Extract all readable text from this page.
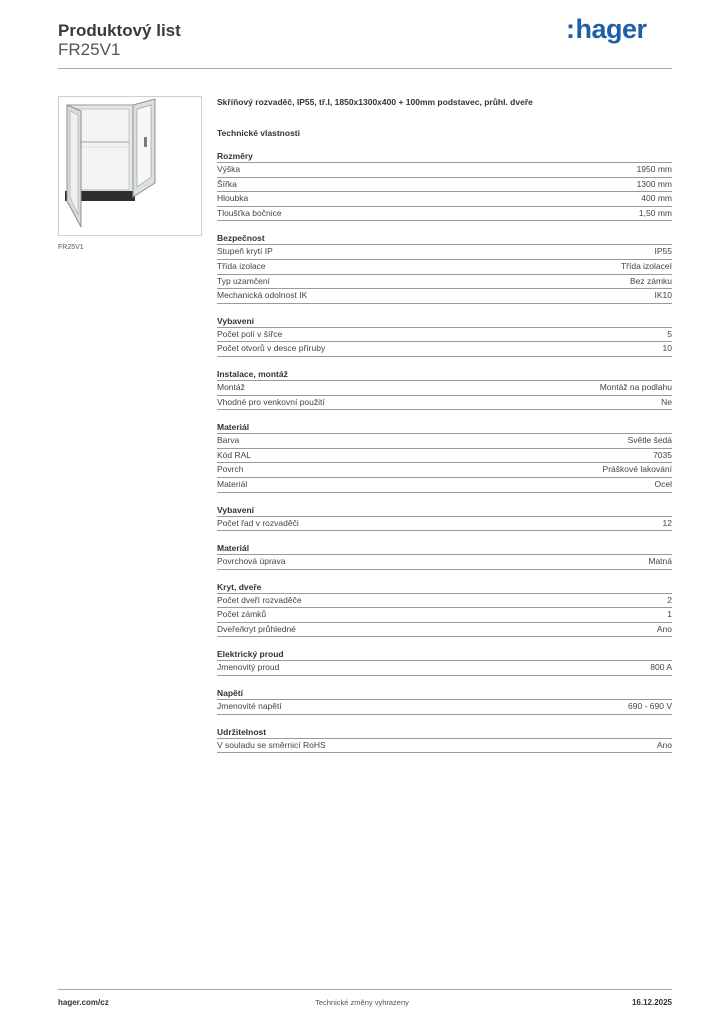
Produktový list
FR25V1
:hager
FR25V1
Skříňový rozvaděč, IP55, tř.I, 1850x1300x400 + 100mm podstavec, průhl. dveře
Technické vlastnosti
Rozměry
Výška	1950 mm
Šířka	1300 mm
Hloubka	400 mm
Tloušťka bočnice	1,50 mm
Bezpečnost
Stupeň krytí IP	IP55
Třída izolace	Třída izolaceI
Typ uzamčení	Bez zámku
Mechanická odolnost IK	IK10
Vybavení
Počet polí v šířce	5
Počet otvorů v desce příruby	10
Instalace, montáž
Montáž	Montáž na podlahu
Vhodné pro venkovní použití	Ne
Materiál
Barva	Světle šedá
Kód RAL	7035
Povrch	Práškové lakování
Materiál	Ocel
Vybavení
Počet řad v rozvaděči	12
Materiál
Povrchová úprava	Matná
Kryt, dveře
Počet dveří rozvaděče	2
Počet zámků	1
Dveře/kryt průhledné	Ano
Elektrický proud
Jmenovitý proud	800 A
Napětí
Jmenovité napětí	690 - 690 V
Udržitelnost
V souladu se směrnicí RoHS	Ano
hager.com/cz	Technické změny vyhrazeny	16.12.2025
